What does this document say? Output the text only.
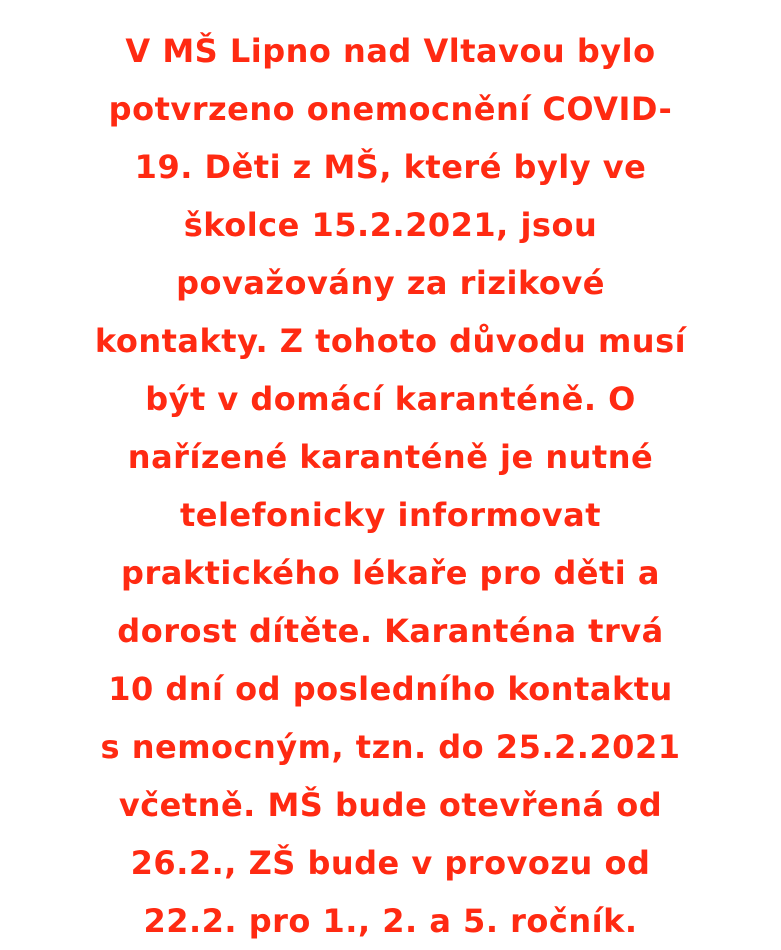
V MŠ Lipno nad Vltavou bylo
potvrzeno onemocnění COVID-
19. Děti z MŠ, které byly ve
školce 15.2.2021, jsou
považovány za rizikové
kontakty. Z tohoto důvodu musí
být v domácí karanténě. O
nařízené karanténě je nutné
telefonicky informovat
praktického lékaře pro děti a
dorost dítěte. Karanténa trvá
10 dní od posledního kontaktu
s nemocným, tzn. do 25.2.2021
včetně. MŠ bude otevřená od
26.2., ZŠ bude v provozu od
22.2. pro 1., 2. a 5. ročník.
